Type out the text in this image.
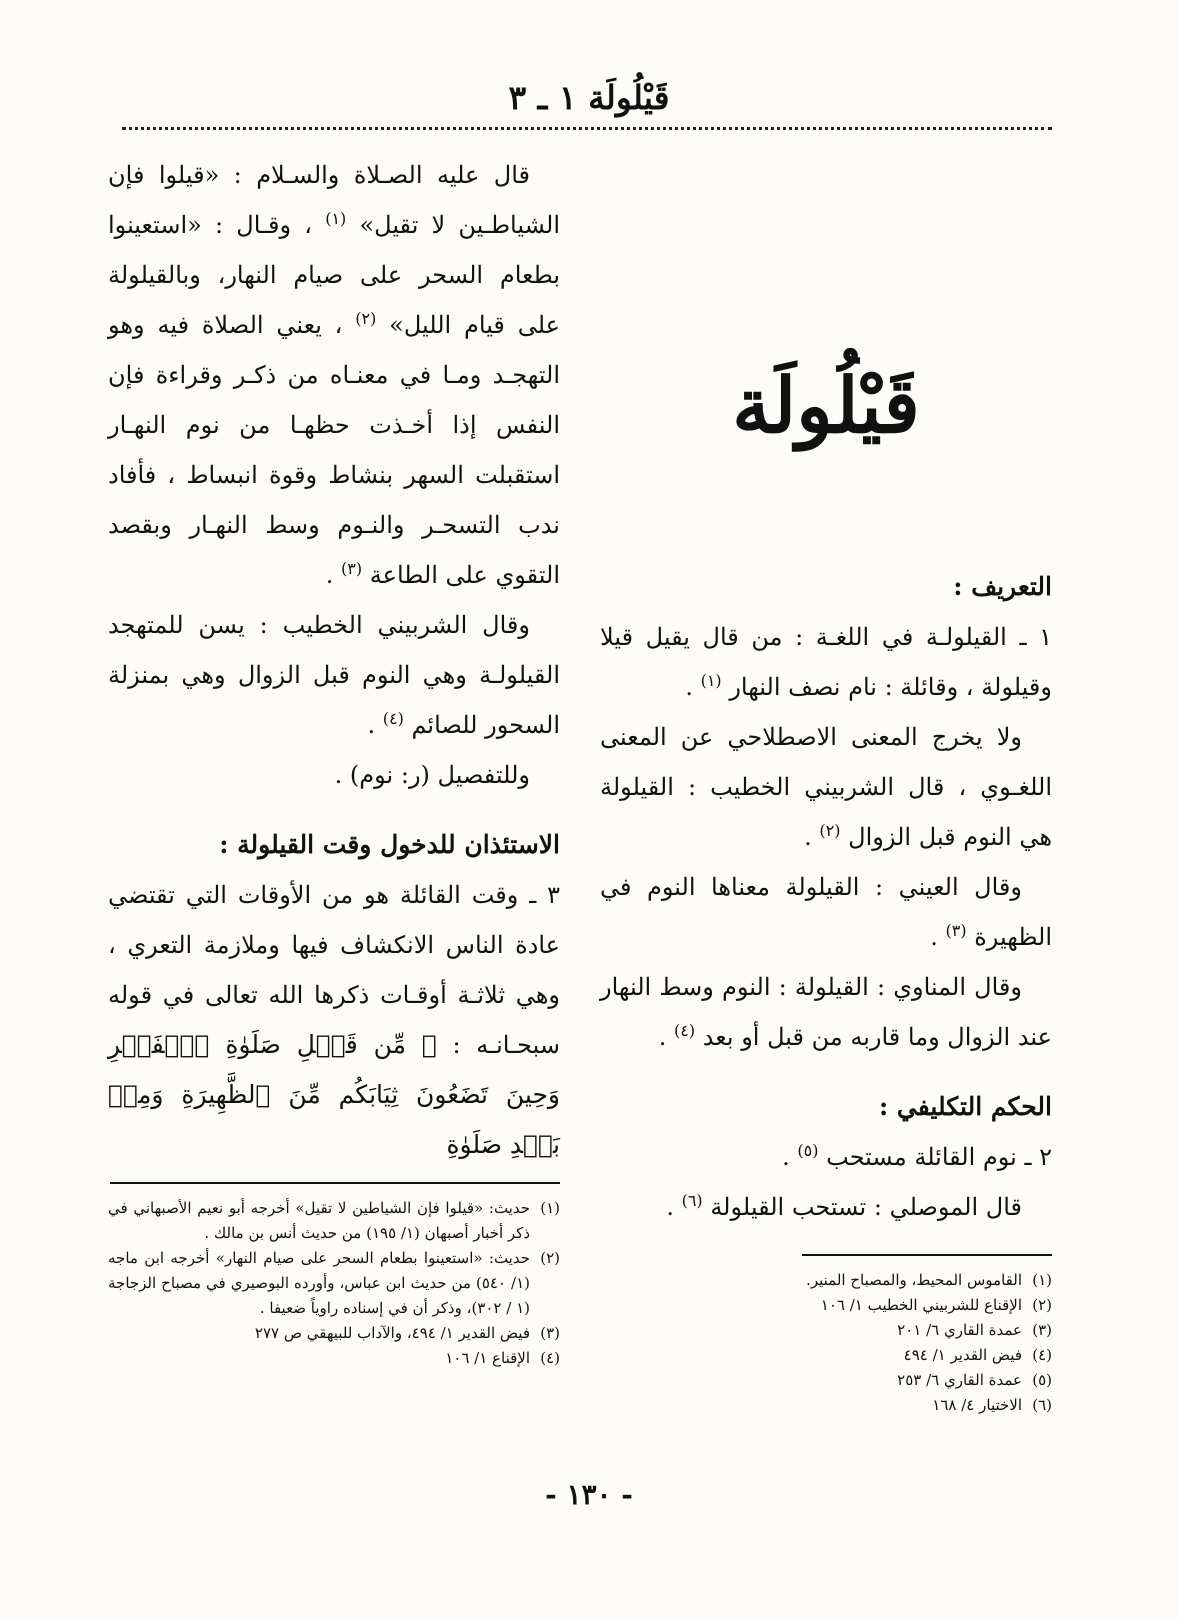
قَيْلُولَة ١ ـ ٣
قَيْلُولَة
التعريف :

١ ـ القيلولـة في اللغـة : من قال يقيل قيلا وقيلولة ، وقائلة : نام نصف النهار $^{(١)}$ .

ولا يخرج المعنى الاصطلاحي عن المعنى اللغـوي ، قال الشربيني الخطيب : القيلولة هي النوم قبل الزوال $^{(٢)}$ .

وقال العيني : القيلولة معناها النوم في الظهيرة $^{(٣)}$ .

وقال المناوي : القيلولة : النوم وسط النهار عند الزوال وما قاربه من قبل أو بعد $^{(٤)}$ .

الحكم التكليفي :

٢ ـ نوم القائلة مستحب $^{(٥)}$ .

قال الموصلي : تستحب القيلولة $^{(٦)}$ .

(١)
القاموس المحيط، والمصباح المنير.
(٢)
الإقناع للشربيني الخطيب ١/ ١٠٦
(٣)
عمدة القاري ٦/ ٢٠١
(٤)
فيض القدير ١/ ٤٩٤
(٥)
عمدة القاري ٦/ ٢٥٣
(٦)
الاختيار ٤/ ١٦٨

قال عليه الصـلاة والسـلام : «قيلوا فإن الشياطـين لا تقيل» $^{(١)}$ ، وقـال : «استعينوا بطعام السحر على صيام النهار، وبالقيلولة على قيام الليل» $^{(٢)}$ ، يعني الصلاة فيه وهو التهجـد ومـا في معنـاه من ذكـر وقراءة فإن النفس إذا أخـذت حظهـا من نوم النهـار استقبلت السهر بنشاط وقوة انبساط ، فأفاد ندب التسحـر والنـوم وسط النهـار وبقصد التقوي على الطاعة $^{(٣)}$ .

وقال الشربيني الخطيب : يسن للمتهجد القيلولـة وهي النوم قبل الزوال وهي بمنزلة السحور للصائم $^{(٤)}$ .

وللتفصيل (ر: نوم) .

الاستئذان للدخول وقت القيلولة :

٣ ـ وقت القائلة هو من الأوقات التي تقتضي عادة الناس الانكشاف فيها وملازمة التعري ، وهي ثلاثـة أوقـات ذكرها الله تعالى في قوله سبحـانـه : ﴿ مِّن قَبۡلِ صَلَوٰةِ ٱلۡفَجۡرِ وَحِينَ تَضَعُونَ ثِيَابَكُم مِّنَ ٱلظَّهِيرَةِ وَمِنۢ بَعۡدِ صَلَوٰةِ

(١)
حديث: «قيلوا فإن الشياطين لا تقيل» أخرجه أبو نعيم الأصبهاني في ذكر أخبار أصبهان (١/ ١٩٥) من حديث أنس بن مالك .
(٢)
حديث: «استعينوا بطعام السحر على صيام النهار» أخرجه ابن ماجه (١/ ٥٤٠) من حديث ابن عباس، وأورده البوصيري في مصباح الزجاجة (١ / ٣٠٢)، وذكر أن في إسناده راوياً ضعيفا .
(٣)
فيض القدير ١/ ٤٩٤، والآداب للبيهقي ص ٢٧٧
(٤)
الإقناع ١/ ١٠٦
- ١٣٠ -
